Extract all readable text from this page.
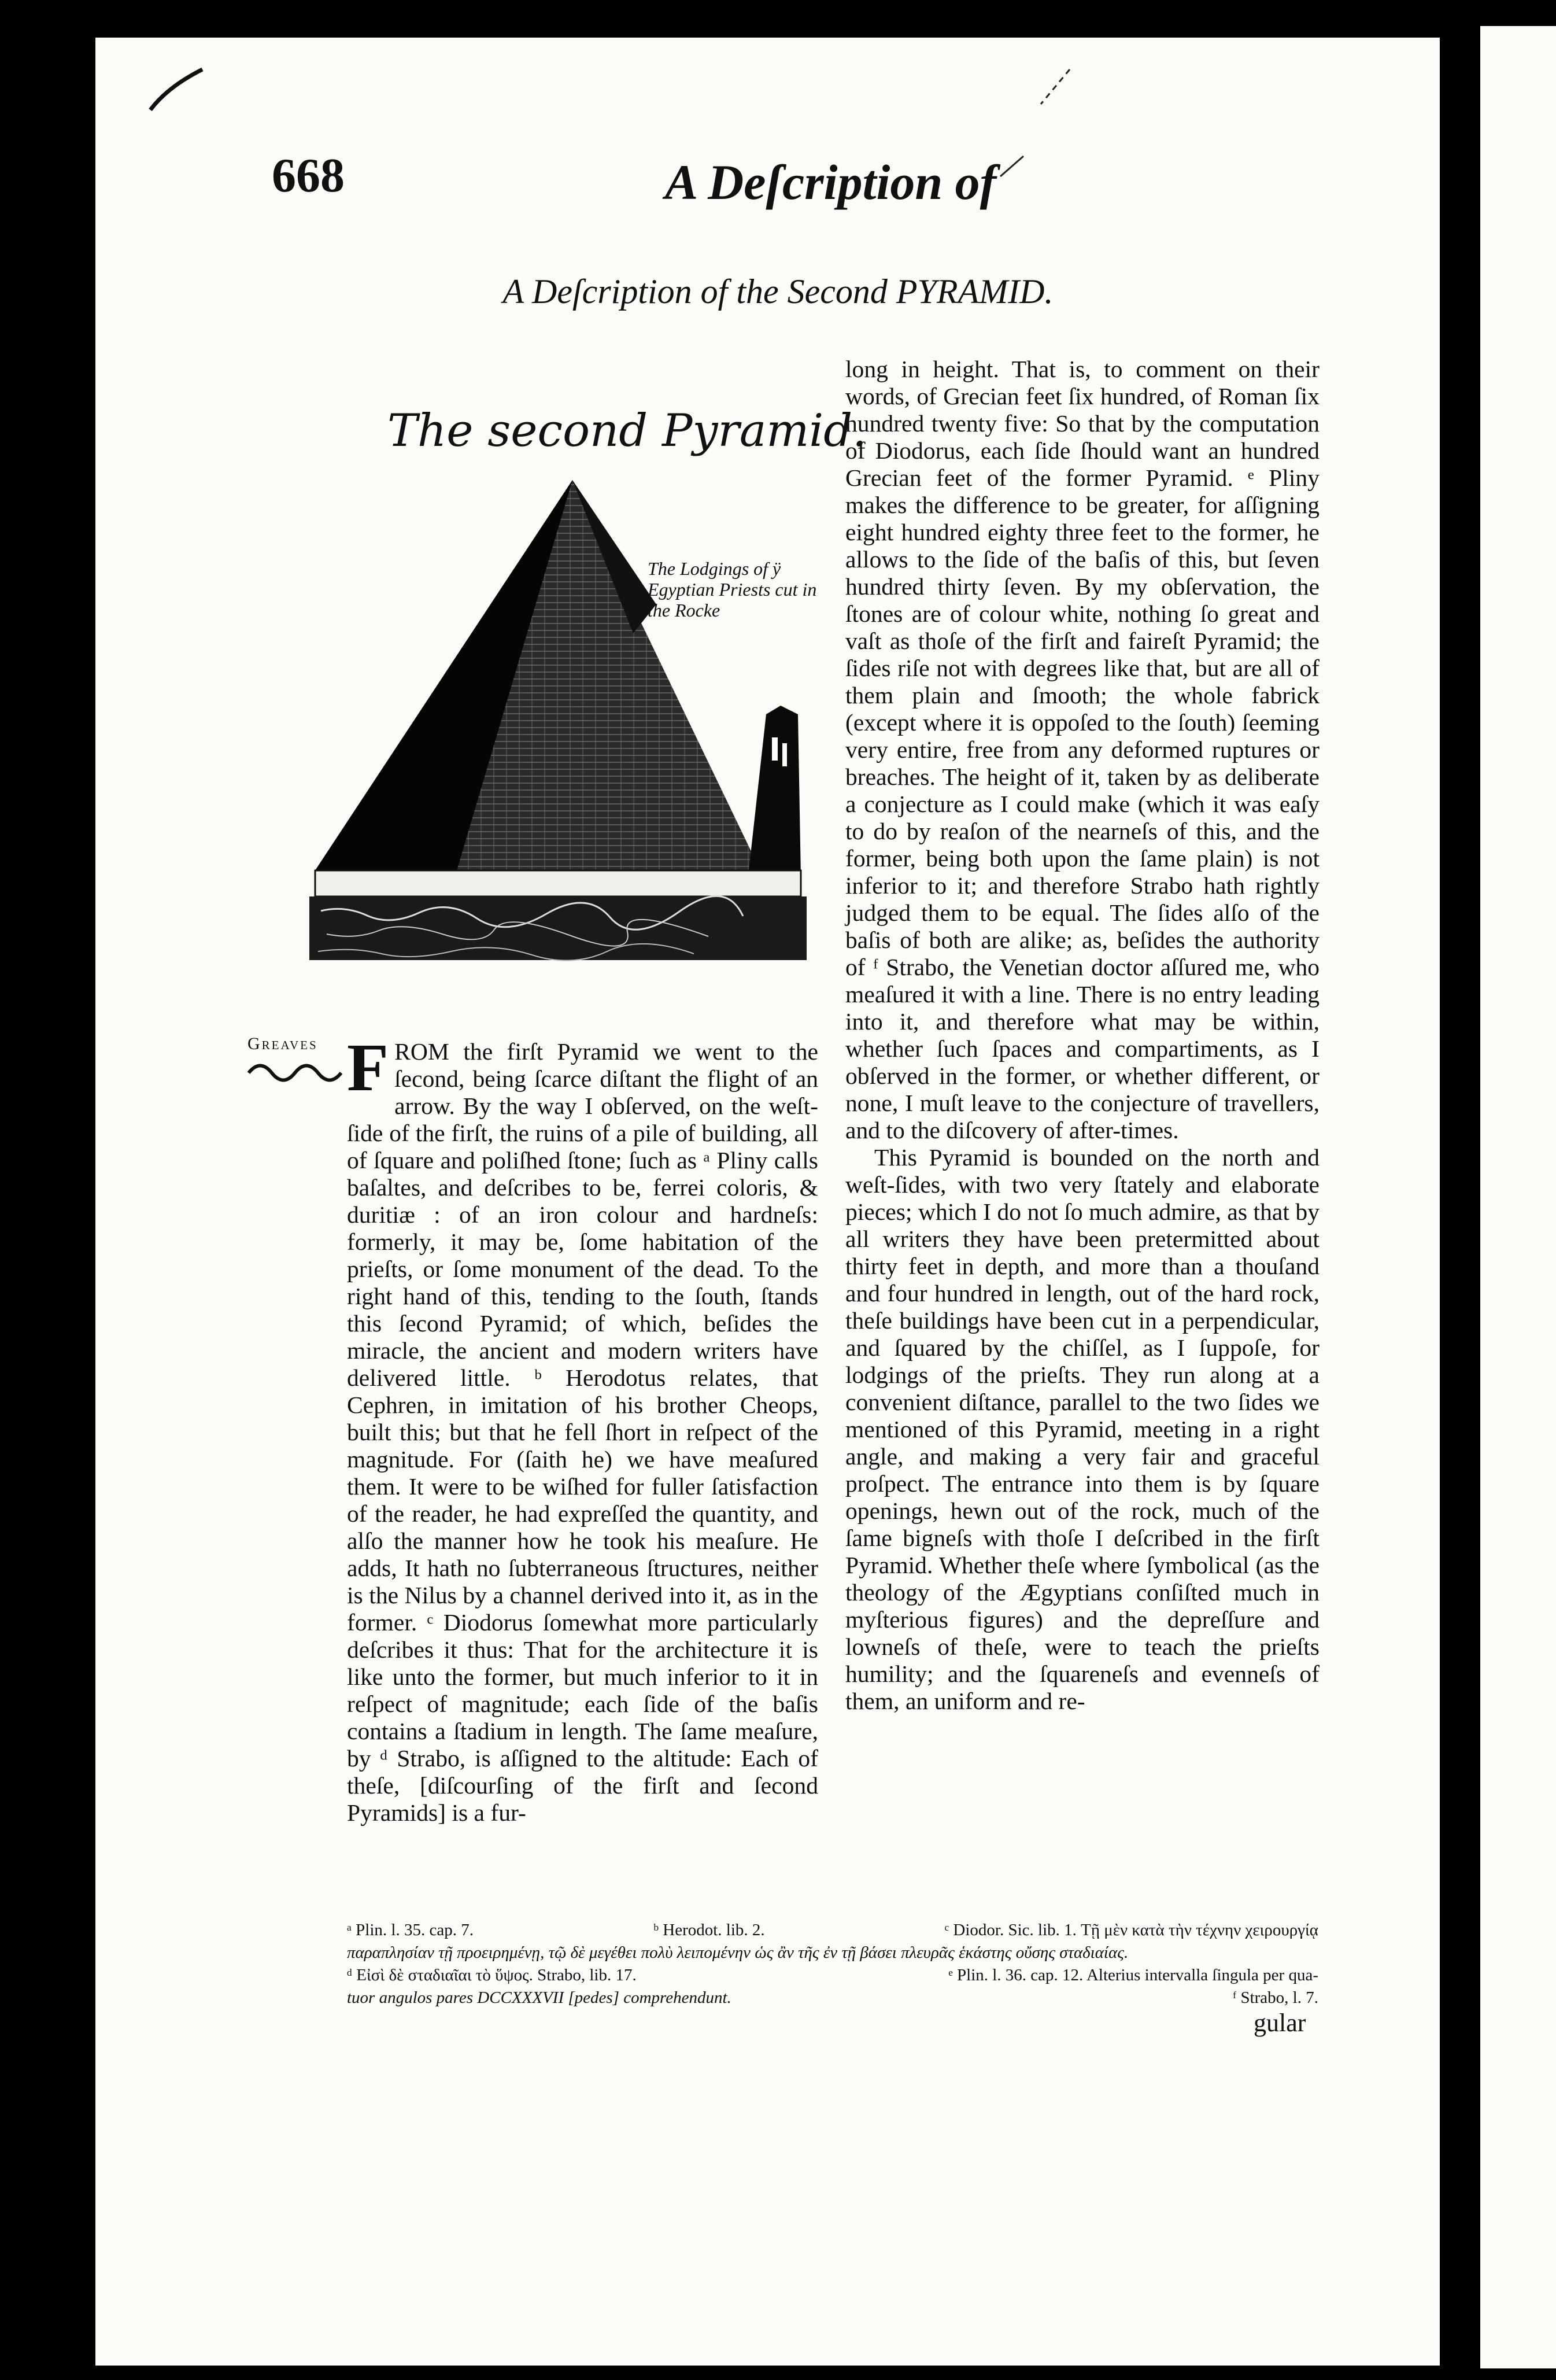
668	A Deſcription of
A Deſcription of the Second PYRAMID.
The second Pyramid.
The Lodgings of ÿ Egyptian Priests cut in the Rocke
Greaves F ROM the firſt Pyramid we went to the ſecond, being ſcarce diſtant the flight of an arrow. By the way I obſerved, on the weſt-ſide of the firſt, the ruins of a pile of building, all of ſquare and poliſhed ſtone; ſuch as ᵃ Pliny calls baſaltes, and deſcribes to be, ferrei coloris, & duritiæ : of an iron colour and hardneſs: formerly, it may be, ſome habitation of the prieſts, or ſome monument of the dead. To the right hand of this, tending to the ſouth, ſtands this ſecond Pyramid; of which, beſides the miracle, the ancient and modern writers have delivered little. ᵇ Herodotus relates, that Cephren, in imitation of his brother Cheops, built this; but that he fell ſhort in reſpect of the magnitude. For (ſaith he) we have meaſured them. It were to be wiſhed for fuller ſatisfaction of the reader, he had expreſſed the quantity, and alſo the manner how he took his meaſure. He adds, It hath no ſubterraneous ſtructures, neither is the Nilus by a channel derived into it, as in the former. ᶜ Diodorus ſomewhat more particularly deſcribes it thus: That for the architecture it is like unto the former, but much inferior to it in reſpect of magnitude; each ſide of the baſis contains a ſtadium in length. The ſame meaſure, by ᵈ Strabo, is aſſigned to the altitude: Each of theſe, [diſcourſing of the firſt and ſecond Pyramids] is a fur-

long in height. That is, to comment on their words, of Grecian feet ſix hundred, of Roman ſix hundred twenty five: So that by the computation of Diodorus, each ſide ſhould want an hundred Grecian feet of the former Pyramid. ᵉ Pliny makes the difference to be greater, for aſſigning eight hundred eighty three feet to the former, he allows to the ſide of the baſis of this, but ſeven hundred thirty ſeven. By my obſervation, the ſtones are of colour white, nothing ſo great and vaſt as thoſe of the firſt and faireſt Pyramid; the ſides riſe not with degrees like that, but are all of them plain and ſmooth; the whole fabrick (except where it is oppoſed to the ſouth) ſeeming very entire, free from any deformed ruptures or breaches. The height of it, taken by as deliberate a conjecture as I could make (which it was eaſy to do by reaſon of the nearneſs of this, and the former, being both upon the ſame plain) is not inferior to it; and therefore Strabo hath rightly judged them to be equal. The ſides alſo of the baſis of both are alike; as, beſides the authority of ᶠ Strabo, the Venetian doctor aſſured me, who meaſured it with a line. There is no entry leading into it, and therefore what may be within, whether ſuch ſpaces and compartiments, as I obſerved in the former, or whether different, or none, I muſt leave to the conjecture of travellers, and to the diſcovery of after-times.

This Pyramid is bounded on the north and weſt-ſides, with two very ſtately and elaborate pieces; which I do not ſo much admire, as that by all writers they have been pretermitted about thirty feet in depth, and more than a thouſand and four hundred in length, out of the hard rock, theſe buildings have been cut in a perpendicular, and ſquared by the chiſſel, as I ſuppoſe, for lodgings of the prieſts. They run along at a convenient diſtance, parallel to the two ſides we mentioned of this Pyramid, meeting in a right angle, and making a very fair and graceful proſpect. The entrance into them is by ſquare openings, hewn out of the rock, much of the ſame bigneſs with thoſe I deſcribed in the firſt Pyramid. Whether theſe where ſymbolical (as the theology of the Ægyptians conſiſted much in myſterious figures) and the depreſſure and lowneſs of theſe, were to teach the prieſts humility; and the ſquareneſs and evenneſs of them, an uniform and re-

ᵃ Plin. l. 35. cap. 7.	ᵇ Herodot. lib. 2.	ᶜ Diodor. Sic. lib. 1. Τῇ μὲν κατὰ τὴν τέχνην χειρουργίᾳ
παραπλησίαν τῇ προειρημένῃ, τῷ δὲ μεγέθει πολὺ λειπομένην ὡς ἂν τῆς ἐν τῇ βάσει πλευρᾶς ἑκάστης οὔσης σταδιαίας.
ᵈ Εἰσὶ δὲ σταδιαῖαι τὸ ὕψος. Strabo, lib. 17.	ᵉ Plin. l. 36. cap. 12. Alterius intervalla ſingula per qua-
tuor angulos pares DCCXXXVII [pedes] comprehendunt.	ᶠ Strabo, l. 7.
gular
